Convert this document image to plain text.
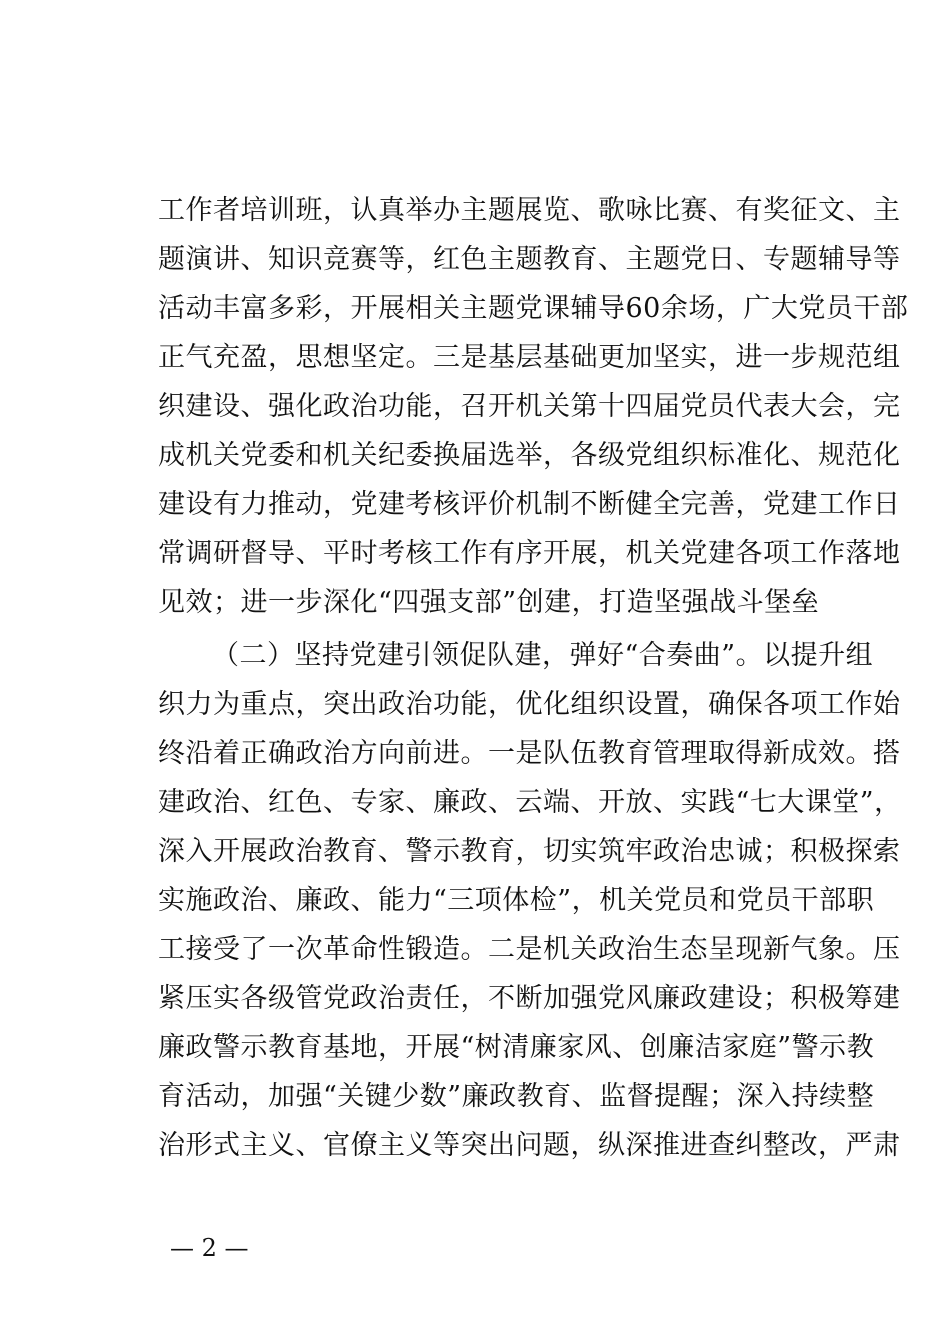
工作者培训班，认真举办主题展览、歌咏比赛、有奖征文、主
题演讲、知识竞赛等，红色主题教育、主题党日、专题辅导等
活动丰富多彩，开展相关主题党课辅导60余场，广大党员干部
正气充盈，思想坚定。三是基层基础更加坚实，进一步规范组
织建设、强化政治功能，召开机关第十四届党员代表大会，完
成机关党委和机关纪委换届选举，各级党组织标准化、规范化
建设有力推动，党建考核评价机制不断健全完善，党建工作日
常调研督导、平时考核工作有序开展，机关党建各项工作落地
见效；进一步深化“四强支部”创建，打造坚强战斗堡垒
（二）坚持党建引领促队建，弹好“合奏曲”。以提升组
织力为重点，突出政治功能，优化组织设置，确保各项工作始
终沿着正确政治方向前进。一是队伍教育管理取得新成效。搭
建政治、红色、专家、廉政、云端、开放、实践“七大课堂”，
深入开展政治教育、警示教育，切实筑牢政治忠诚；积极探索
实施政治、廉政、能力“三项体检”，机关党员和党员干部职
工接受了一次革命性锻造。二是机关政治生态呈现新气象。压
紧压实各级管党政治责任，不断加强党风廉政建设；积极筹建
廉政警示教育基地，开展“树清廉家风、创廉洁家庭”警示教
育活动，加强“关键少数”廉政教育、监督提醒；深入持续整
治形式主义、官僚主义等突出问题，纵深推进查纠整改，严肃
— 2 —
